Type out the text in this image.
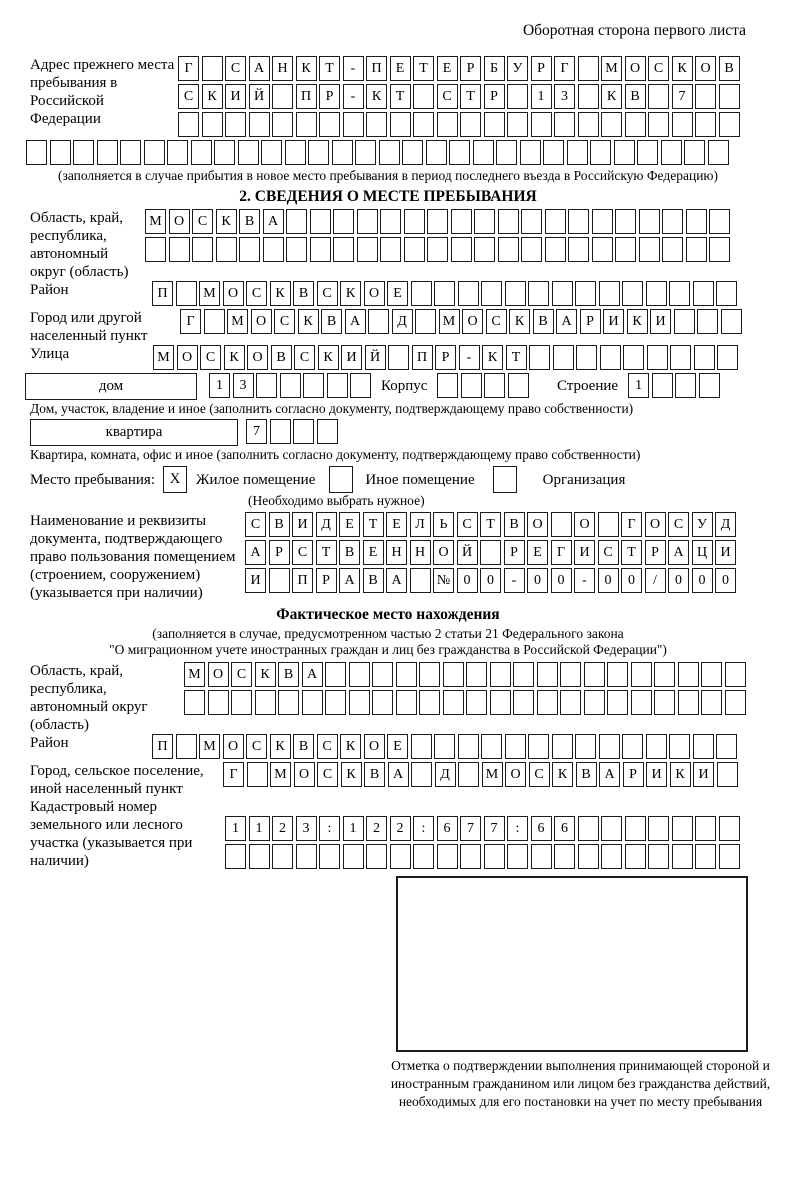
Оборотная сторона первого листа
Адрес прежнего места пребывания в Российской Федерации
Г	С А Н К	Т	-	П	Е	Т	Е	Р	Б	У	Р	Г	М О С	К О В
С	К И Й	П	Р	-	К	Т	С	Т	Р	1	3	К	В	7
(заполняется в случае прибытия в новое место пребывания в период последнего въезда в Российскую Федерацию)
2. СВЕДЕНИЯ О МЕСТЕ ПРЕБЫВАНИЯ
Область, край, республика, автономный округ (область)
М О С	К	В А
Район	П	М О С	К	В	С	К О	Е
Город или другой населенный пункт
Г	М О С	К	В А	Д	М О С	К	В А	Р	И К И
Улица	М О С	К О В	С	К И Й	П	Р	-	К	Т
дом	1	3	Корпус	Строение	1
Дом, участок, владение и иное (заполнить согласно документу, подтверждающему право собственности)
квартира	7
Квартира, комната, офис и иное (заполнить согласно документу, подтверждающему право собственности)
Место пребывания: X	Жилое помещение	Иное помещение	Организация
(Необходимо выбрать нужное)
Наименование и реквизиты документа, подтверждающего право пользования помещением (строением, сооружением) (указывается при наличии)
С	В И Д	Е	Т	Е	Л	Ь	С	Т	В О	О	Г	О С У Д
А	Р	С	Т	В	Е	Н Н О Й	Р	Е	Г	И С	Т	Р	А Ц И
И	П	Р	А В А	№ 0	0	-	0	0	-	0	0	/	0	0	0
Фактическое место нахождения
(заполняется в случае, предусмотренном частью 2 статьи 21 Федерального закона
"О миграционном учете иностранных граждан и лиц без гражданства в Российской Федерации")
Область, край, республика, автономный округ (область)
М О С	К	В А
Район	П	М О С	К	В	С	К О	Е
Город, сельское поселение, иной населенный пункт
Г	М О С	К	В А	Д	М О С	К	В А	Р	И К И
Кадастровый номер земельного или лесного участка (указывается при наличии)
1	1	2	3	:	1	2	2	:	6	7	7	:	6	6
Отметка о подтверждении выполнения принимающей стороной и иностранным гражданином или лицом без гражданства действий, необходимых для его постановки на учет по месту пребывания
